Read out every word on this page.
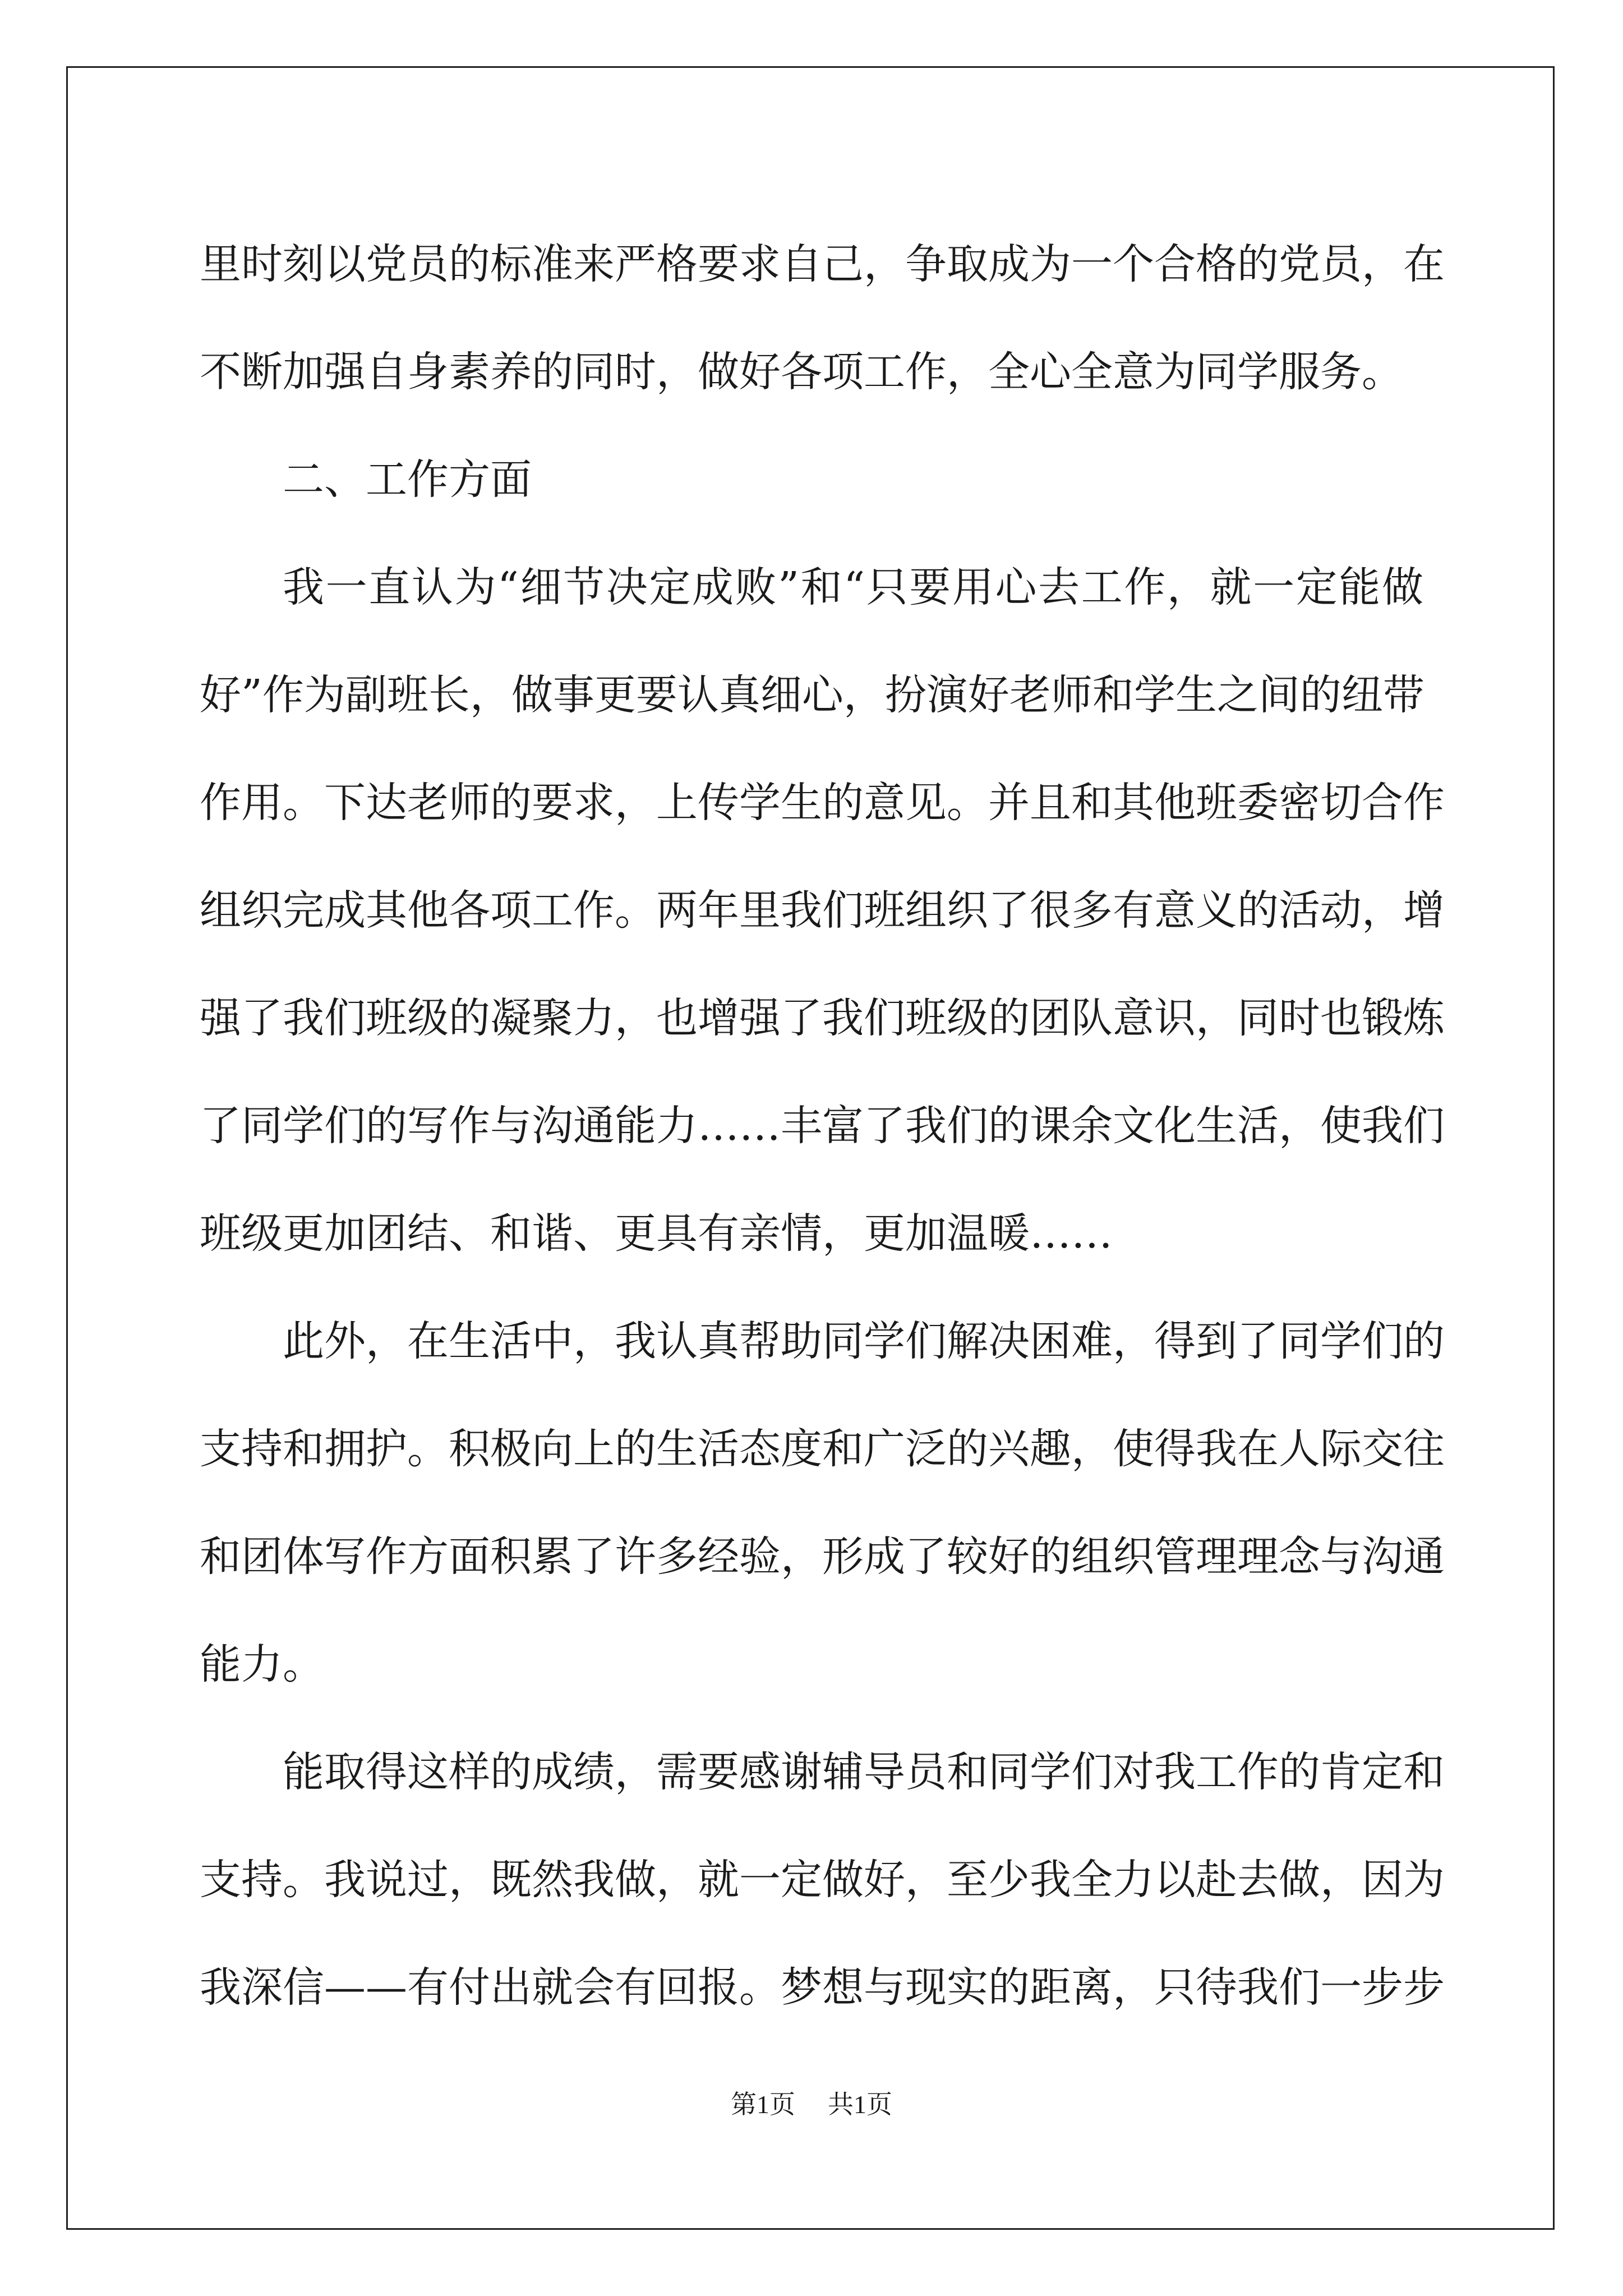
里时刻以党员的标准来严格要求自己，争取成为一个合格的党员，在
不断加强自身素养的同时，做好各项工作，全心全意为同学服务。
二、工作方面
我一直认为“细节决定成败”和“只要用心去工作，就一定能做
好”作为副班长，做事更要认真细心，扮演好老师和学生之间的纽带
作用。下达老师的要求，上传学生的意见。并且和其他班委密切合作
组织完成其他各项工作。两年里我们班组织了很多有意义的活动，增
强了我们班级的凝聚力，也增强了我们班级的团队意识，同时也锻炼
了同学们的写作与沟通能力……丰富了我们的课余文化生活，使我们
班级更加团结、和谐、更具有亲情，更加温暖……
此外，在生活中，我认真帮助同学们解决困难，得到了同学们的
支持和拥护。积极向上的生活态度和广泛的兴趣，使得我在人际交往
和团体写作方面积累了许多经验，形成了较好的组织管理理念与沟通
能力。
能取得这样的成绩，需要感谢辅导员和同学们对我工作的肯定和
支持。我说过，既然我做，就一定做好，至少我全力以赴去做，因为
我深信——有付出就会有回报。梦想与现实的距离，只待我们一步步
第1页 共1页
